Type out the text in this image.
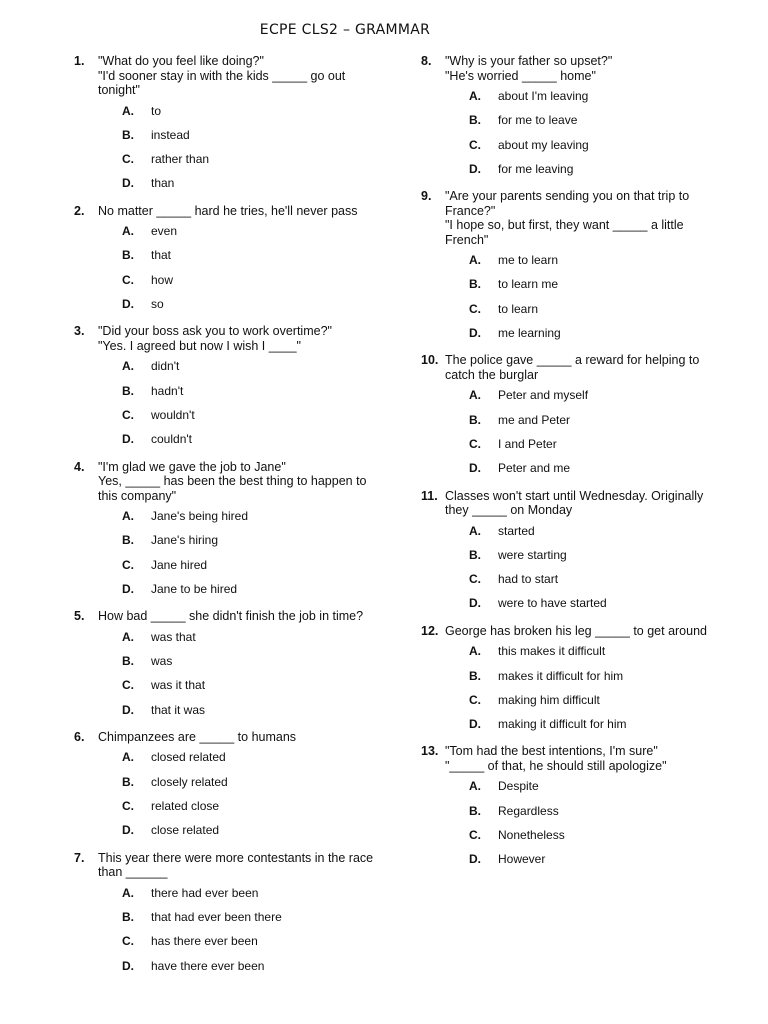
ECPE CLS2 – GRAMMAR
1.	"What do you feel like doing?"
"I'd sooner stay in with the kids _____ go out tonight"
A.	to
B.	instead
C.	rather than
D.	than
2.	No matter _____ hard he tries, he'll never pass
A.	even
B.	that
C.	how
D.	so
3.	"Did your boss ask you to work overtime?"
"Yes. I agreed but now I wish I ____"
A.	didn't
B.	hadn't
C.	wouldn't
D.	couldn't
4.	"I'm glad we gave the job to Jane"
Yes, _____ has been the best thing to happen to this company"
A.	Jane's being hired
B.	Jane's hiring
C.	Jane hired
D.	Jane to be hired
5.	How bad _____ she didn't finish the job in time?
A.	was that
B.	was
C.	was it that
D.	that it was
6.	Chimpanzees are _____ to humans
A.	closed related
B.	closely related
C.	related close
D.	close related
7.	This year there were more contestants in the race than ______
A.	there had ever been
B.	that had ever been there
C.	has there ever been
D.	have there ever been
8.	"Why is your father so upset?"
"He's worried _____ home"
A.	about I'm leaving
B.	for me to leave
C.	about my leaving
D.	for me leaving
9.	"Are your parents sending you on that trip to France?"
"I hope so, but first, they want _____ a little French"
A.	me to learn
B.	to learn me
C.	to learn
D.	me learning
10. The police gave _____ a reward for helping to catch the burglar
A.	Peter and myself
B.	me and Peter
C.	I and Peter
D.	Peter and me
11. Classes won't start until Wednesday. Originally they _____ on Monday
A.	started
B.	were starting
C.	had to start
D.	were to have started
12. George has broken his leg _____ to get around
A.	this makes it difficult
B.	makes it difficult for him
C.	making him difficult
D.	making it difficult for him
13. "Tom had the best intentions, I'm sure"
"_____ of that, he should still apologize"
A.	Despite
B.	Regardless
C.	Nonetheless
D.	However
